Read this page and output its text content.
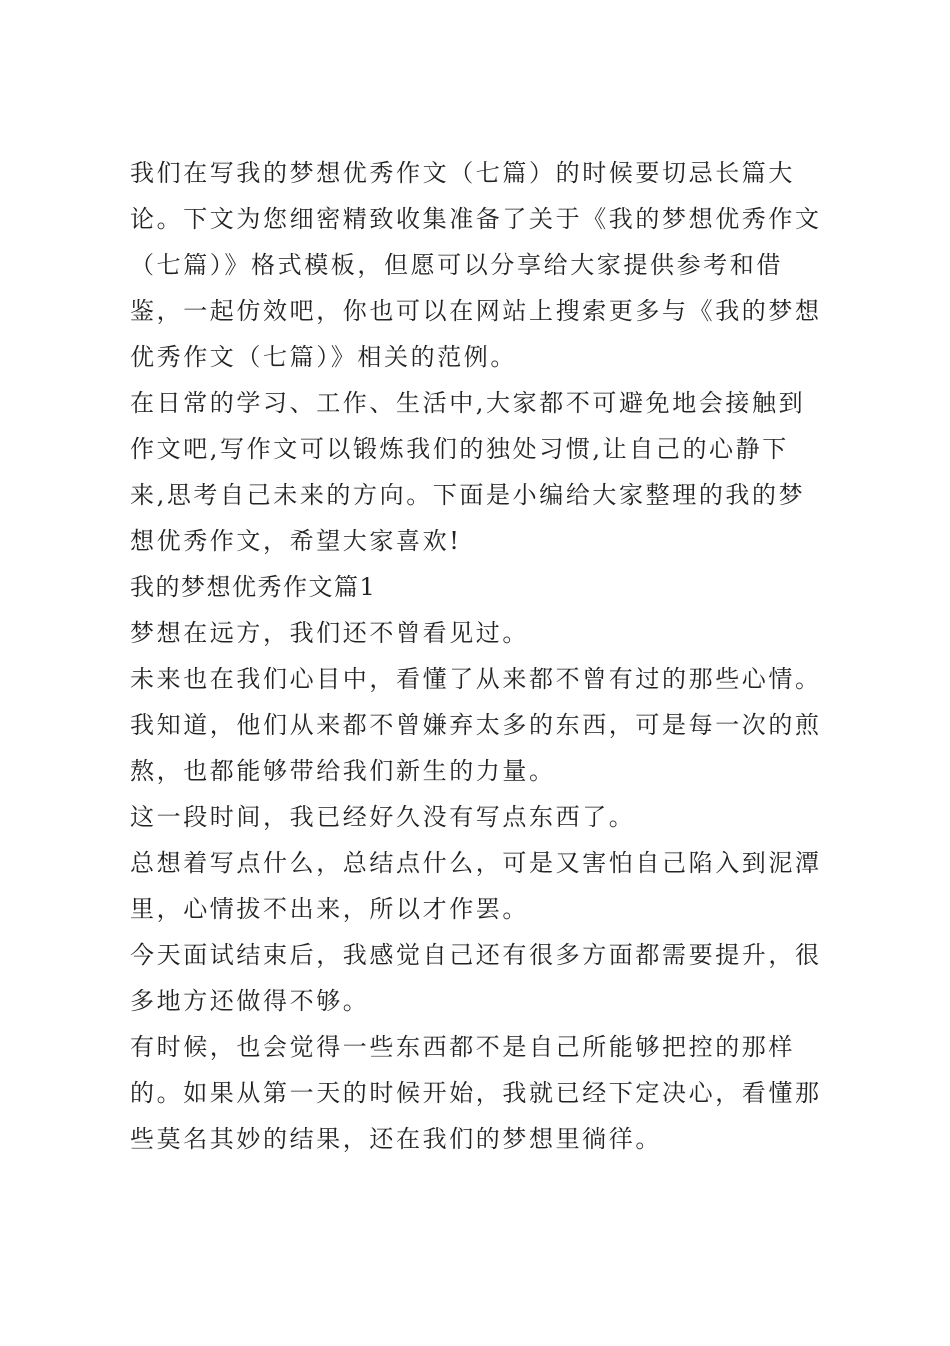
我们在写我的梦想优秀作文（七篇）的时候要切忌长篇大论。下文为您细密精致收集准备了关于《我的梦想优秀作文（七篇）》格式模板，但愿可以分享给大家提供参考和借鉴，一起仿效吧，你也可以在网站上搜索更多与《我的梦想优秀作文（七篇）》相关的范例。

在日常的学习、工作、生活中,大家都不可避免地会接触到作文吧,写作文可以锻炼我们的独处习惯,让自己的心静下来,思考自己未来的方向。下面是小编给大家整理的我的梦想优秀作文，希望大家喜欢!

我的梦想优秀作文篇1

梦想在远方，我们还不曾看见过。

未来也在我们心目中，看懂了从来都不曾有过的那些心情。我知道，他们从来都不曾嫌弃太多的东西，可是每一次的煎熬，也都能够带给我们新生的力量。

这一段时间，我已经好久没有写点东西了。

总想着写点什么，总结点什么，可是又害怕自己陷入到泥潭里，心情拔不出来，所以才作罢。

今天面试结束后，我感觉自己还有很多方面都需要提升，很多地方还做得不够。

有时候，也会觉得一些东西都不是自己所能够把控的那样的。如果从第一天的时候开始，我就已经下定决心，看懂那些莫名其妙的结果，还在我们的梦想里徜徉。
